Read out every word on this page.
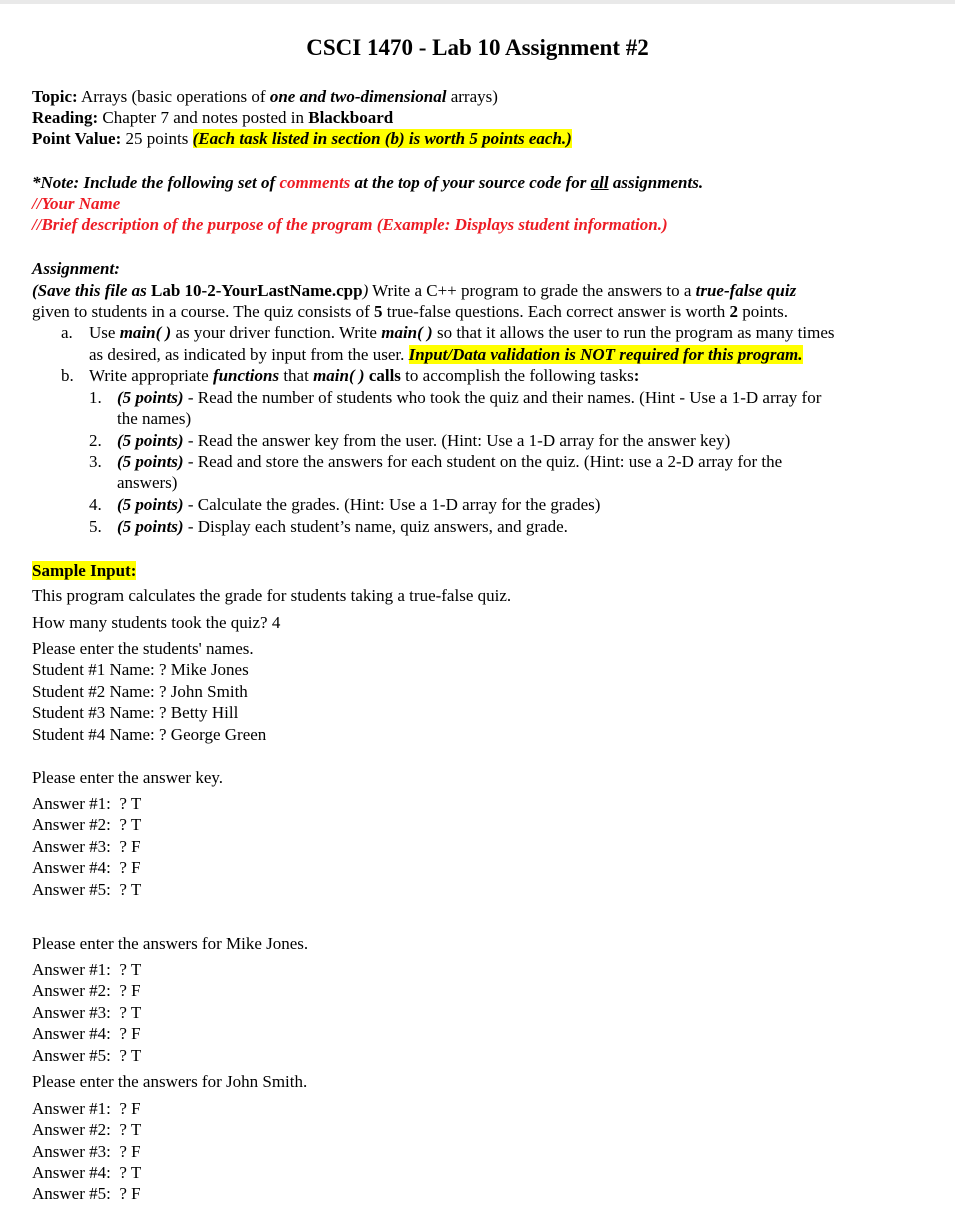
CSCI 1470 - Lab 10 Assignment #2
Topic: Arrays (basic operations of one and two-dimensional arrays)
Reading: Chapter 7 and notes posted in Blackboard
Point Value: 25 points (Each task listed in section (b) is worth 5 points each.)
*Note: Include the following set of comments at the top of your source code for all assignments.
//Your Name
//Brief description of the purpose of the program (Example: Displays student information.)
Assignment:
(Save this file as Lab 10-2-YourLastName.cpp) Write a C++ program to grade the answers to a true-false quiz
given to students in a course. The quiz consists of 5 true-false questions. Each correct answer is worth 2 points.
a. Use main( ) as your driver function. Write main( ) so that it allows the user to run the program as many times
as desired, as indicated by input from the user. Input/Data validation is NOT required for this program.
b. Write appropriate functions that main( ) calls to accomplish the following tasks:
1. (5 points) - Read the number of students who took the quiz and their names. (Hint - Use a 1-D array for
the names)
2. (5 points) - Read the answer key from the user. (Hint: Use a 1-D array for the answer key)
3. (5 points) - Read and store the answers for each student on the quiz. (Hint: use a 2-D array for the
answers)
4. (5 points) - Calculate the grades. (Hint: Use a 1-D array for the grades)
5. (5 points) - Display each student’s name, quiz answers, and grade.
Sample Input:
This program calculates the grade for students taking a true-false quiz.
How many students took the quiz? 4
Please enter the students' names.
Student #1 Name: ? Mike Jones
Student #2 Name: ? John Smith
Student #3 Name: ? Betty Hill
Student #4 Name: ? George Green
Please enter the answer key.
Answer #1:  ? T
Answer #2:  ? T
Answer #3:  ? F
Answer #4:  ? F
Answer #5:  ? T
Please enter the answers for Mike Jones.
Answer #1:  ? T
Answer #2:  ? F
Answer #3:  ? T
Answer #4:  ? F
Answer #5:  ? T
Please enter the answers for John Smith.
Answer #1:  ? F
Answer #2:  ? T
Answer #3:  ? F
Answer #4:  ? T
Answer #5:  ? F
